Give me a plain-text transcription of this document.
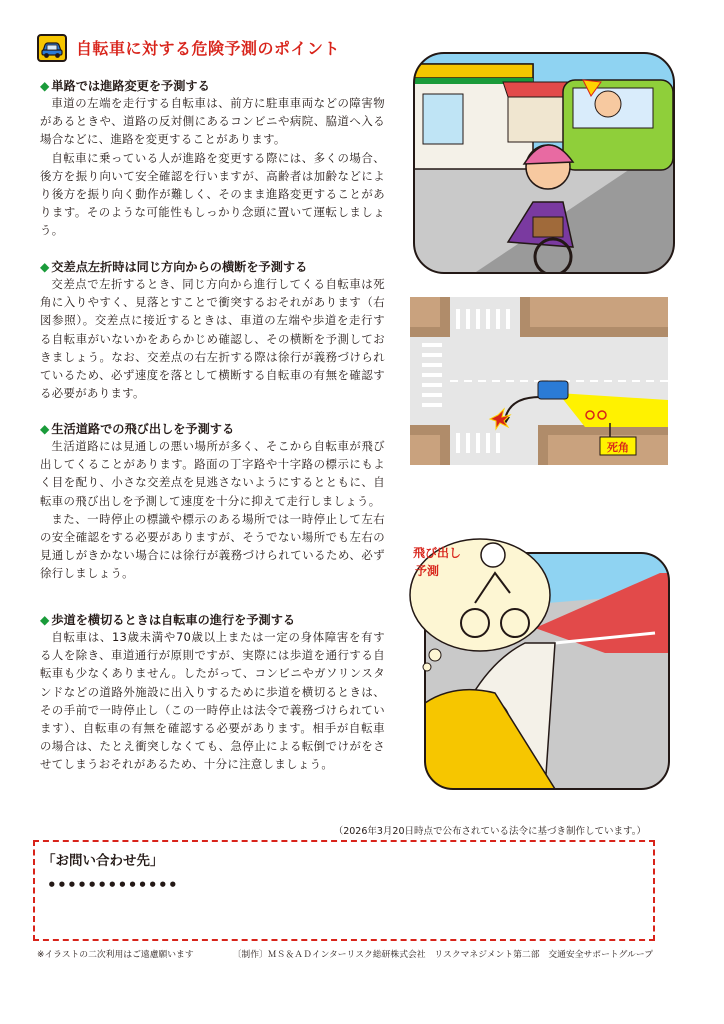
自転車に対する危険予測のポイント

◆ 単路では進路変更を予測する

車道の左端を走行する自転車は、前方に駐車車両などの障害物があるときや、道路の反対側にあるコンビニや病院、脇道へ入る場合などに、進路を変更することがあります。

自転車に乗っている人が進路を変更する際には、多くの場合、後方を振り向いて安全確認を行いますが、高齢者は加齢などにより後方を振り向く動作が難しく、そのまま進路変更することがあります。そのような可能性もしっかり念頭に置いて運転しましょう。

◆ 交差点左折時は同じ方向からの横断を予測する

交差点で左折するとき、同じ方向から進行してくる自転車は死角に入りやすく、見落とすことで衝突するおそれがあります（右図参照）。交差点に接近するときは、車道の左端や歩道を走行する自転車がいないかをあらかじめ確認し、その横断を予測しておきましょう。なお、交差点の右左折する際は徐行が義務づけられているため、必ず速度を落として横断する自転車の有無を確認する必要があります。

◆ 生活道路での飛び出しを予測する

生活道路には見通しの悪い場所が多く、そこから自転車が飛び出してくることがあります。路面の丁字路や十字路の標示にもよく目を配り、小さな交差点を見逃さないようにするとともに、自転車の飛び出しを予測して速度を十分に抑えて走行しましょう。

また、一時停止の標識や標示のある場所では一時停止して左右の安全確認をする必要がありますが、そうでない場所でも左右の見通しがきかない場合には徐行が義務づけられているため、必ず徐行しましょう。

◆ 歩道を横切るときは自転車の進行を予測する

自転車は、13歳未満や70歳以上または一定の身体障害を有する人を除き、車道通行が原則ですが、実際には歩道を通行する自転車も少なくありません。したがって、コンビニやガソリンスタンドなどの道路外施設に出入りするために歩道を横切るときは、その手前で一時停止し（この一時停止は法令で義務づけられています）、自転車の有無を確認する必要があります。相手が自転車の場合は、たとえ衝突しなくても、急停止による転倒でけがをさせてしまうおそれがあるため、十分に注意しましょう。

死角
飛び出し
予測
（2026年3月20日時点で公布されている法令に基づき制作しています。）
「お問い合わせ先」
•••••••••••••
※イラストの二次利用はご遠慮願います	〔制作〕ＭＳ＆ＡＤインターリスク総研株式会社　リスクマネジメント第二部　交通安全サポートグループ
